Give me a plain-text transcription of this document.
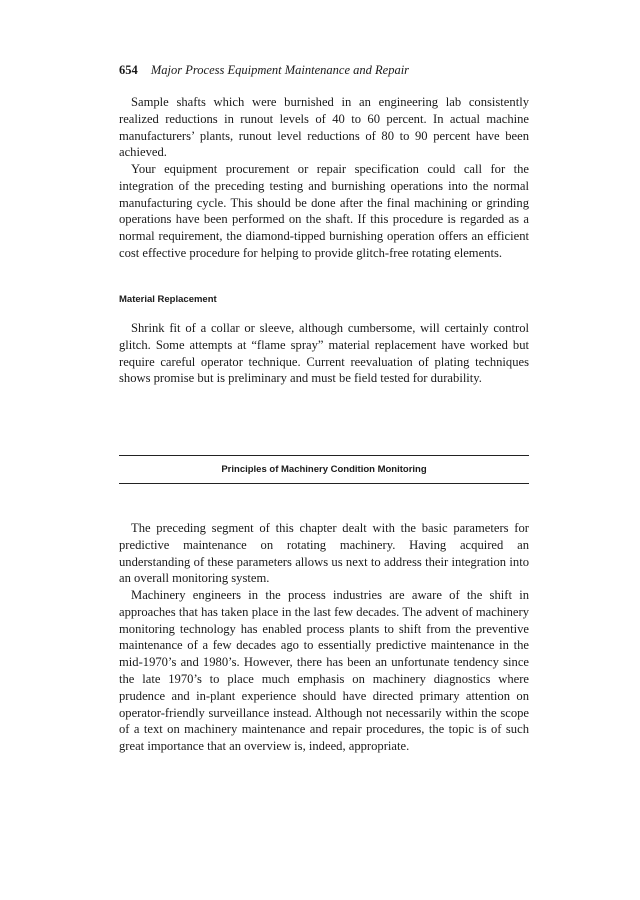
654 Major Process Equipment Maintenance and Repair

Sample shafts which were burnished in an engineering lab consistently realized reductions in runout levels of 40 to 60 percent. In actual machine manufacturers’ plants, runout level reductions of 80 to 90 percent have been achieved.

Your equipment procurement or repair specification could call for the integration of the preceding testing and burnishing operations into the normal manufacturing cycle. This should be done after the final machining or grinding operations have been performed on the shaft. If this procedure is regarded as a normal requirement, the diamond-tipped burnishing operation offers an efficient cost effective procedure for helping to provide glitch-free rotating elements.

Material Replacement

Shrink fit of a collar or sleeve, although cumbersome, will certainly control glitch. Some attempts at “flame spray” material replacement have worked but require careful operator technique. Current reevaluation of plating techniques shows promise but is preliminary and must be field tested for durability.

Principles of Machinery Condition Monitoring

The preceding segment of this chapter dealt with the basic parameters for predictive maintenance on rotating machinery. Having acquired an understanding of these parameters allows us next to address their integration into an overall monitoring system.

Machinery engineers in the process industries are aware of the shift in approaches that has taken place in the last few decades. The advent of machinery monitoring technology has enabled process plants to shift from the preventive maintenance of a few decades ago to essentially predictive maintenance in the mid-1970’s and 1980’s. However, there has been an unfortunate tendency since the late 1970’s to place much emphasis on machinery diagnostics where prudence and in-plant experience should have directed primary attention on operator-friendly surveillance instead. Although not necessarily within the scope of a text on machinery maintenance and repair procedures, the topic is of such great importance that an overview is, indeed, appropriate.
